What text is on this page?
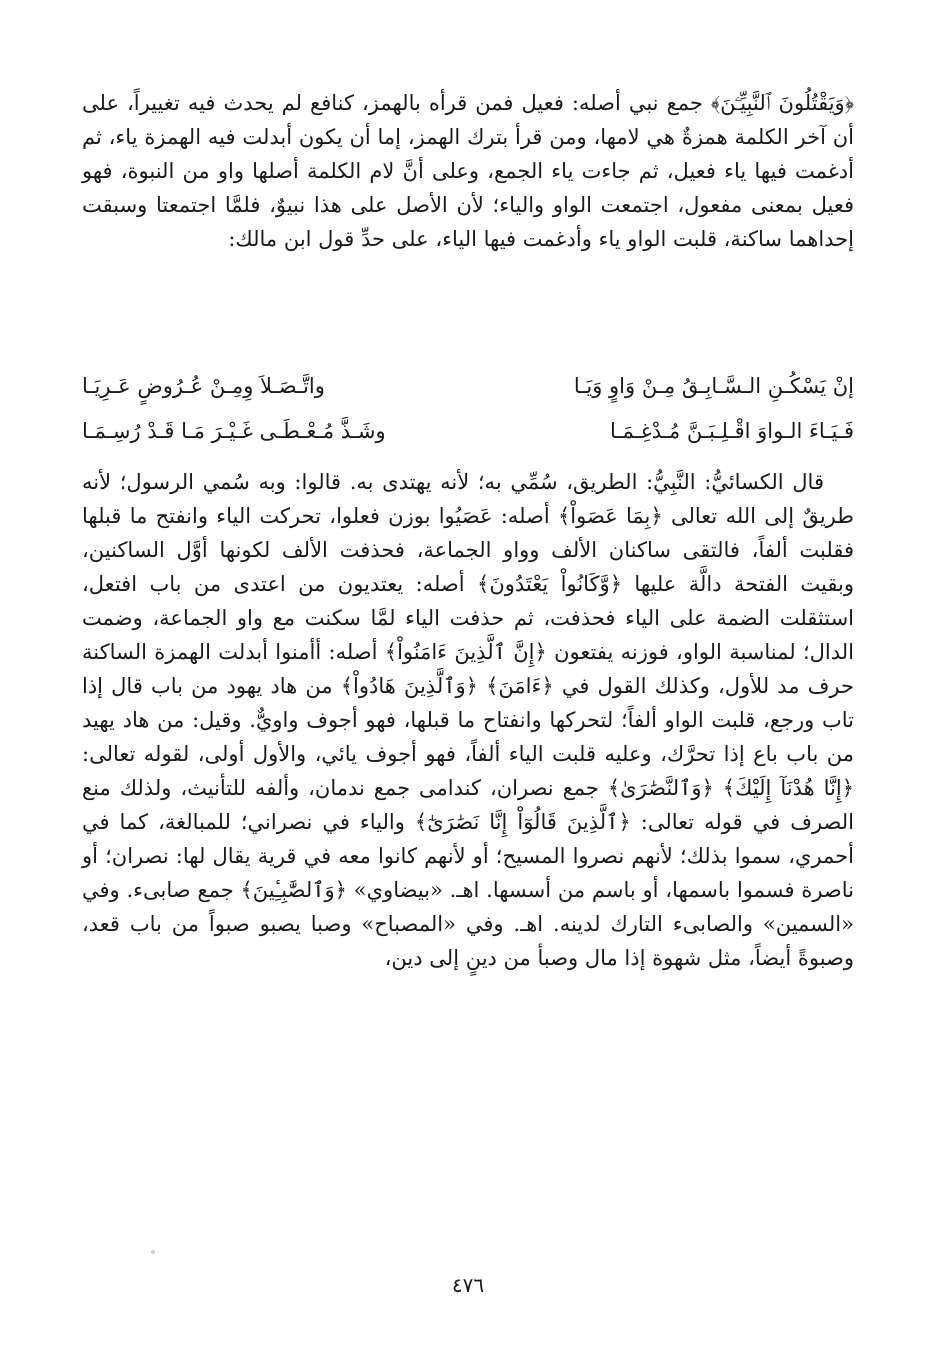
﴿وَيَقْتُلُونَ ٱلنَّبِيِّـۧنَ﴾ جمع نبي أصله: فعيل فمن قرأه بالهمز، كنافع لم يحدث فيه تغييراً، على أن آخر الكلمة همزةٌ هي لامها، ومن قرأ بترك الهمز، إما أن يكون أبدلت فيه الهمزة ياء، ثم أدغمت فيها ياء فعيل، ثم جاءت ياء الجمع، وعلى أنَّ لام الكلمة أصلها واو من النبوة، فهو فعيل بمعنى مفعول، اجتمعت الواو والياء؛ لأن الأصل على هذا نبيوٌ، فلمَّا اجتمعتا وسبقت إحداهما ساكنة، قلبت الواو ياء وأدغمت فيها الياء، على حدِّ قول ابن مالك:

إنْ يَسْكُـنِ الـسَّـابِـقُ مِـنْ وَاوٍ وَيَـا
واتَّـصَـلاَ وِمِـنْ عُـرُوضٍ عَـرِيَـا
فَـيَـاءَ الـواوَ اقْـلِـبَـنَّ مُـدْغِـمَـا
وشَـذَّ مُـعْـطَـى غَـيْـرَ مَـا قَـدْ رُسِـمَـا

قال الكسائيُّ: النَّبِيُّ: الطريق، سُمِّي به؛ لأنه يهتدى به. قالوا: وبه سُمي الرسول؛ لأنه طريقٌ إلى الله تعالى ﴿بِمَا عَصَواْ﴾ أصله: عَصَيُوا بوزن فعلوا، تحركت الياء وانفتح ما قبلها فقلبت ألفاً، فالتقى ساكنان الألف وواو الجماعة، فحذفت الألف لكونها أوَّل الساكنين، وبقيت الفتحة دالَّة عليها ﴿وَّكَانُواْ يَعْتَدُونَ﴾ أصله: يعتديون من اعتدى من باب افتعل، استثقلت الضمة على الياء فحذفت، ثم حذفت الياء لمَّا سكنت مع واو الجماعة، وضمت الدال؛ لمناسبة الواو، فوزنه يفتعون ﴿إِنَّ ٱلَّذِينَ ءَامَنُواْ﴾ أصله: أأمنوا أبدلت الهمزة الساكنة حرف مد للأول، وكذلك القول في ﴿ءَامَنَ﴾ ﴿وَٱلَّذِينَ هَادُواْ﴾ من هاد يهود من باب قال إذا تاب ورجع، قلبت الواو ألفاً؛ لتحركها وانفتاح ما قبلها، فهو أجوف واويٌّ. وقيل: من هاد يهيد من باب باع إذا تحرَّك، وعليه قلبت الياء ألفاً، فهو أجوف يائي، والأول أولى، لقوله تعالى: ﴿إِنَّا هُدْنَآ إِلَيْكَ﴾ ﴿وَٱلنَّصَٰرَىٰ﴾ جمع نصران، كندامى جمع ندمان، وألفه للتأنيث، ولذلك منع الصرف في قوله تعالى: ﴿ٱلَّذِينَ قَالُوٓاْ إِنَّا نَصَٰرَىٰٓ﴾ والياء في نصراني؛ للمبالغة، كما في أحمري، سموا بذلك؛ لأنهم نصروا المسيح؛ أو لأنهم كانوا معه في قرية يقال لها: نصران؛ أو ناصرة فسموا باسمها، أو باسم من أسسها. اهـ. «بيضاوي» ﴿وَٱلصَّٰبِـِٔينَ﴾ جمع صابىء. وفي «السمين» والصابىء التارك لدينه. اهـ. وفي «المصباح» وصبا يصبو صبواً من باب قعد، وصبوةً أيضاً، مثل شهوة إذا مال وصبأ من دينٍ إلى دين،

٤٧٦
